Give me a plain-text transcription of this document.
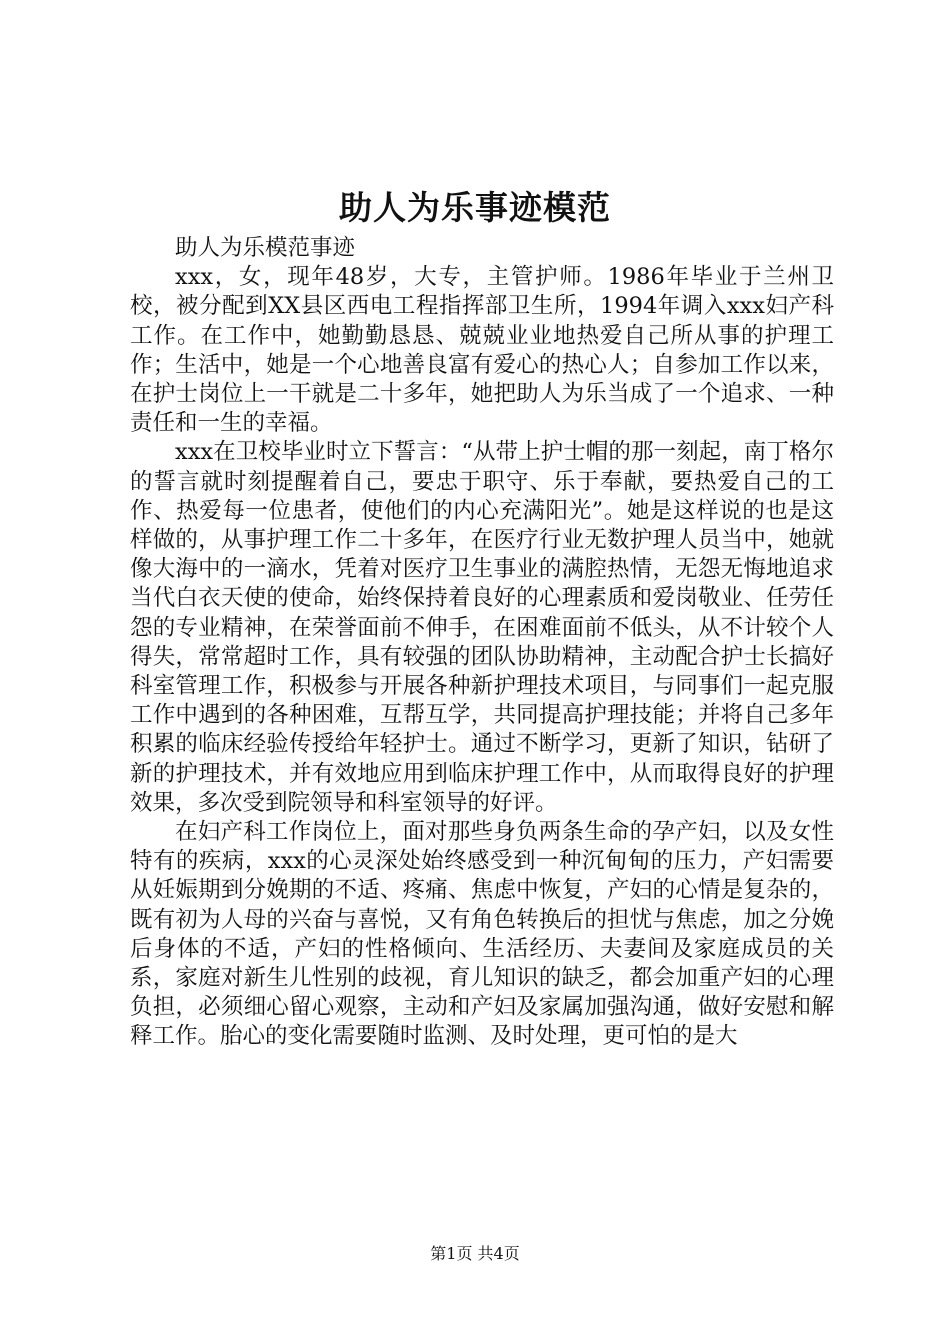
助人为乐事迹模范

助人为乐模范事迹

xxx，女，现年48岁，大专，主管护师。1986年毕业于兰州卫校，被分配到XX县区西电工程指挥部卫生所，1994年调入xxx妇产科工作。在工作中，她勤勤恳恳、兢兢业业地热爱自己所从事的护理工作；生活中，她是一个心地善良富有爱心的热心人；自参加工作以来，在护士岗位上一干就是二十多年，她把助人为乐当成了一个追求、一种责任和一生的幸福。

xxx在卫校毕业时立下誓言：“从带上护士帽的那一刻起，南丁格尔的誓言就时刻提醒着自己，要忠于职守、乐于奉献，要热爱自己的工作、热爱每一位患者，使他们的内心充满阳光”。她是这样说的也是这样做的，从事护理工作二十多年，在医疗行业无数护理人员当中，她就像大海中的一滴水，凭着对医疗卫生事业的满腔热情，无怨无悔地追求当代白衣天使的使命，始终保持着良好的心理素质和爱岗敬业、任劳任怨的专业精神，在荣誉面前不伸手，在困难面前不低头，从不计较个人得失，常常超时工作，具有较强的团队协助精神，主动配合护士长搞好科室管理工作，积极参与开展各种新护理技术项目，与同事们一起克服工作中遇到的各种困难，互帮互学，共同提高护理技能；并将自己多年积累的临床经验传授给年轻护士。通过不断学习，更新了知识，钻研了新的护理技术，并有效地应用到临床护理工作中，从而取得良好的护理效果，多次受到院领导和科室领导的好评。

在妇产科工作岗位上，面对那些身负两条生命的孕产妇，以及女性特有的疾病，xxx的心灵深处始终感受到一种沉甸甸的压力，产妇需要从妊娠期到分娩期的不适、疼痛、焦虑中恢复，产妇的心情是复杂的，既有初为人母的兴奋与喜悦，又有角色转换后的担忧与焦虑，加之分娩后身体的不适，产妇的性格倾向、生活经历、夫妻间及家庭成员的关系，家庭对新生儿性别的歧视，育儿知识的缺乏，都会加重产妇的心理负担，必须细心留心观察，主动和产妇及家属加强沟通，做好安慰和解释工作。胎心的变化需要随时监测、及时处理，更可怕的是大

第1页 共4页
